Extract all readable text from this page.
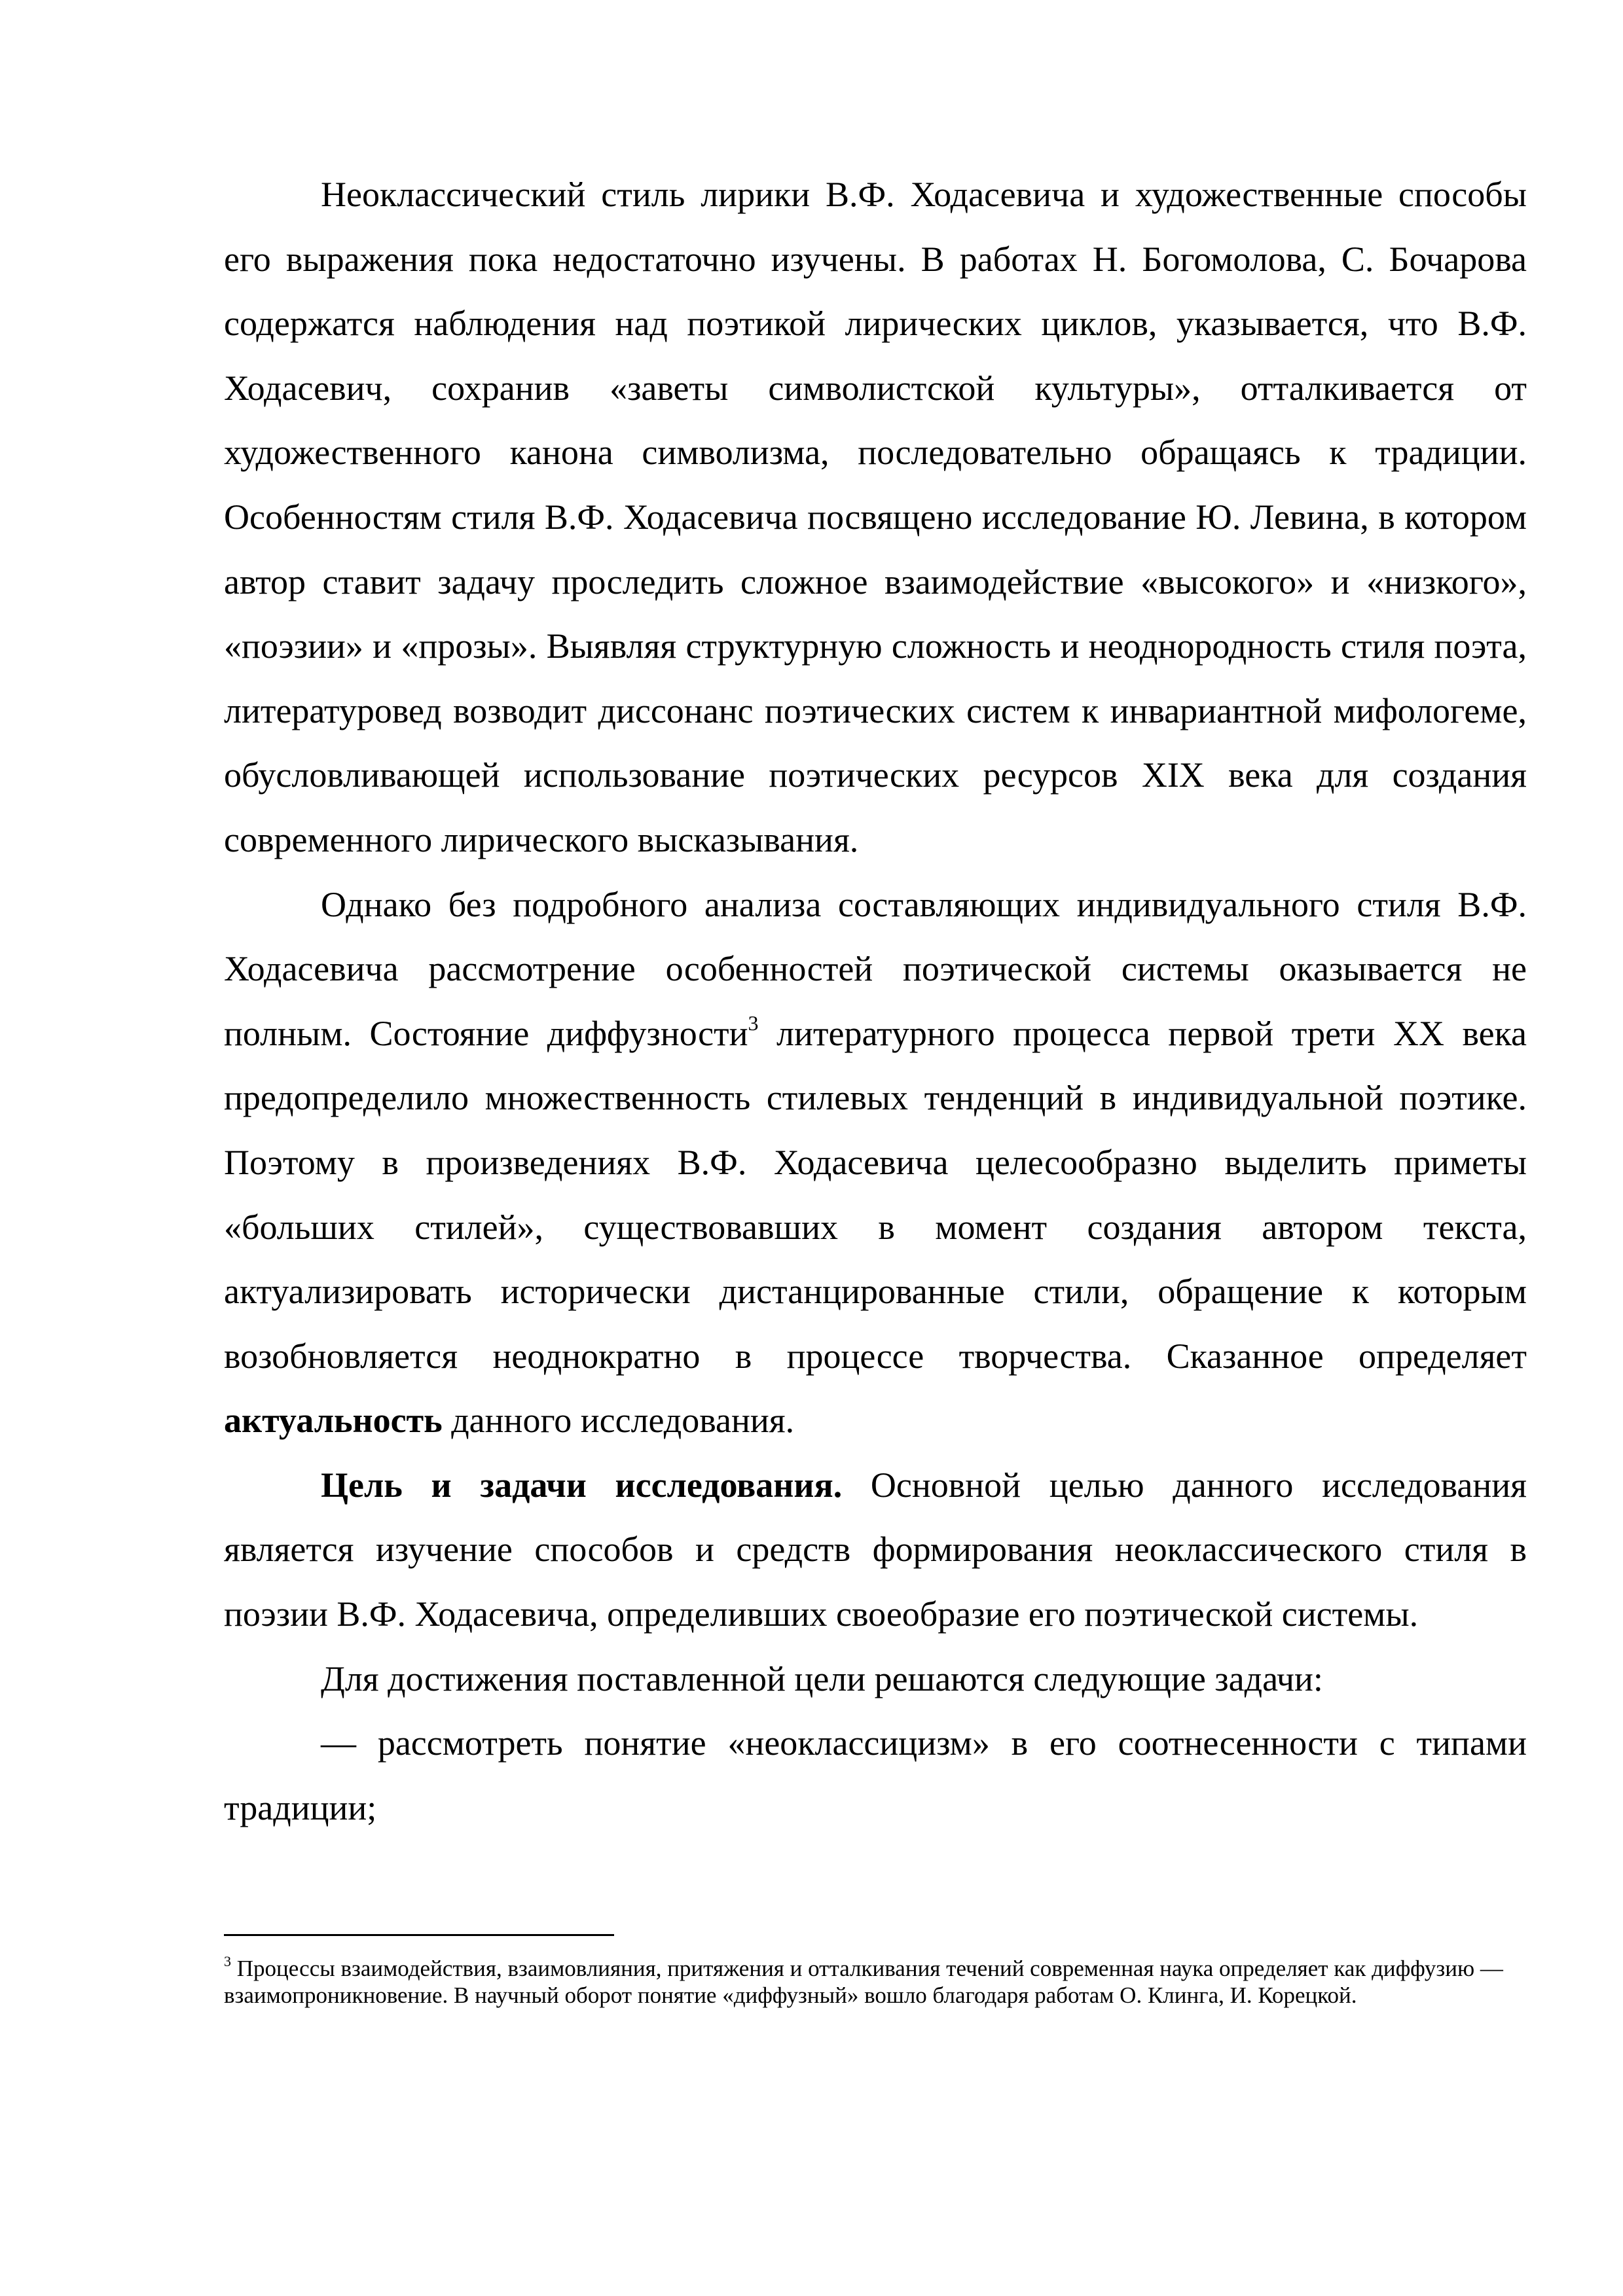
Неоклассический стиль лирики В.Ф. Ходасевича и художественные способы его выражения пока недостаточно изучены. В работах Н. Богомолова, С. Бочарова содержатся наблюдения над поэтикой лирических циклов, указывается, что В.Ф. Ходасевич, сохранив «заветы символистской культуры», отталкивается от художественного канона символизма, последовательно обращаясь к традиции. Особенностям стиля В.Ф. Ходасевича посвящено исследование Ю. Левина, в котором автор ставит задачу проследить сложное взаимодействие «высокого» и «низкого», «поэзии» и «прозы». Выявляя структурную сложность и неоднородность стиля поэта, литературовед возводит диссонанс поэтических систем к инвариантной мифологеме, обусловливающей использование поэтических ресурсов XIX века для создания современного лирического высказывания.

Однако без подробного анализа составляющих индивидуального стиля В.Ф. Ходасевича рассмотрение особенностей поэтической системы оказывается не полным. Состояние диффузности$^3$ литературного процесса первой трети XX века предопределило множественность стилевых тенденций в индивидуальной поэтике. Поэтому в произведениях В.Ф. Ходасевича целесообразно выделить приметы «больших стилей», существовавших в момент создания автором текста, актуализировать исторически дистанцированные стили, обращение к которым возобновляется неоднократно в процессе творчества. Сказанное определяет актуальность данного исследования.

Цель и задачи исследования. Основной целью данного исследования является изучение способов и средств формирования неоклассического стиля в поэзии В.Ф. Ходасевича, определивших своеобразие его поэтической системы.

Для достижения поставленной цели решаются следующие задачи:

— рассмотреть понятие «неоклассицизм» в его соотнесенности с типами традиции;

$^3$ Процессы взаимодействия, взаимовлияния, притяжения и отталкивания течений современная наука определяет как диффузию — взаимопроникновение. В научный оборот понятие «диффузный» вошло благодаря работам О. Клинга, И. Корецкой.
